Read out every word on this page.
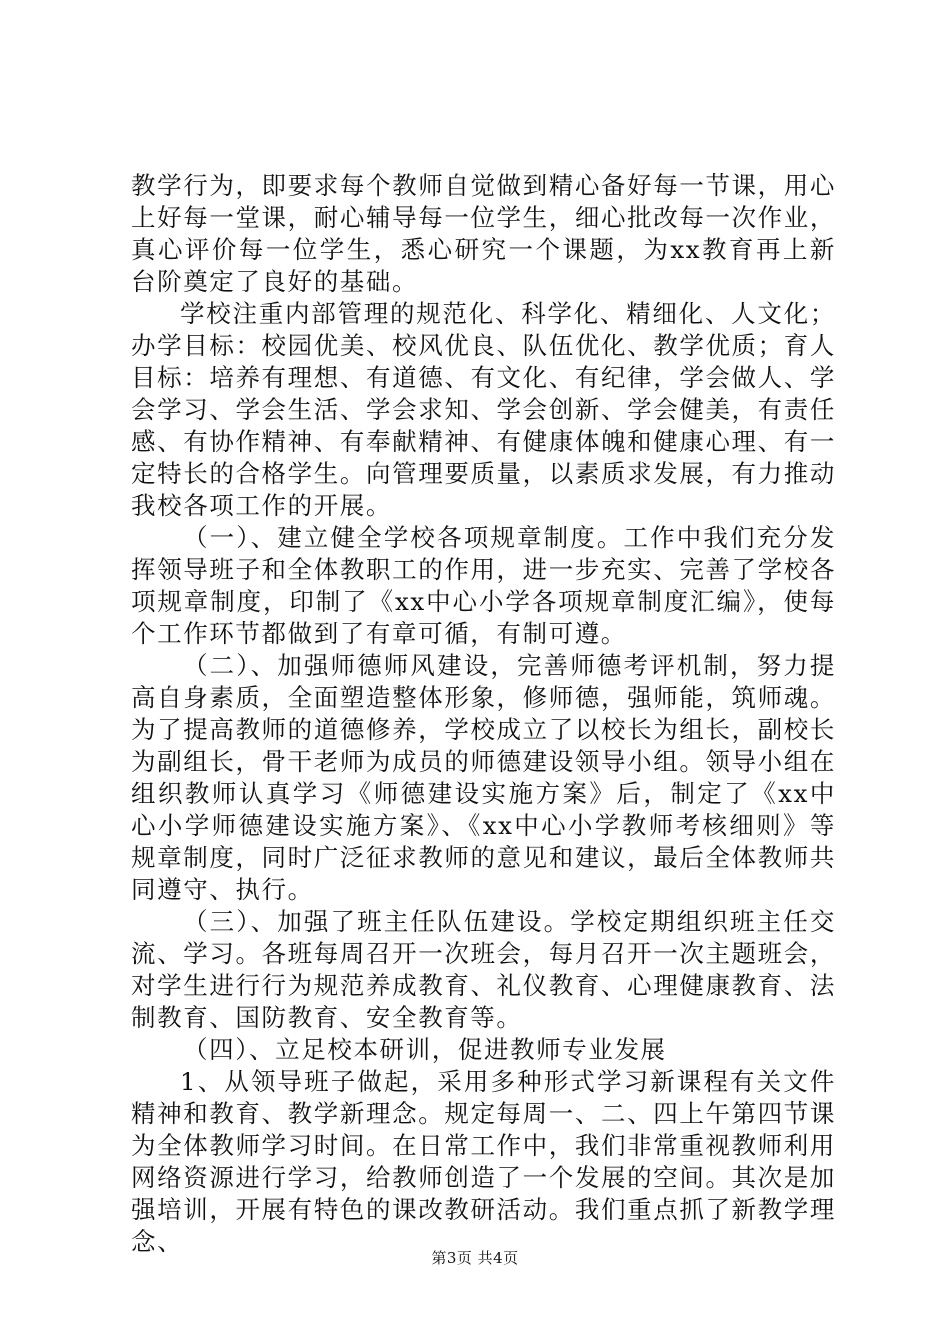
教学行为，即要求每个教师自觉做到精心备好每一节课，用心上好每一堂课，耐心辅导每一位学生，细心批改每一次作业，真心评价每一位学生，悉心研究一个课题，为xx教育再上新台阶奠定了良好的基础。

学校注重内部管理的规范化、科学化、精细化、人文化；办学目标：校园优美、校风优良、队伍优化、教学优质；育人目标：培养有理想、有道德、有文化、有纪律，学会做人、学会学习、学会生活、学会求知、学会创新、学会健美，有责任感、有协作精神、有奉献精神、有健康体魄和健康心理、有一定特长的合格学生。向管理要质量，以素质求发展，有力推动我校各项工作的开展。

（一）、建立健全学校各项规章制度。工作中我们充分发挥领导班子和全体教职工的作用，进一步充实、完善了学校各项规章制度，印制了《xx中心小学各项规章制度汇编》，使每个工作环节都做到了有章可循，有制可遵。

（二）、加强师德师风建设，完善师德考评机制，努力提高自身素质，全面塑造整体形象，修师德，强师能，筑师魂。为了提高教师的道德修养，学校成立了以校长为组长，副校长为副组长，骨干老师为成员的师德建设领导小组。领导小组在组织教师认真学习《师德建设实施方案》后，制定了《xx中心小学师德建设实施方案》、《xx中心小学教师考核细则》等规章制度，同时广泛征求教师的意见和建议，最后全体教师共同遵守、执行。

（三）、加强了班主任队伍建设。学校定期组织班主任交流、学习。各班每周召开一次班会，每月召开一次主题班会，对学生进行行为规范养成教育、礼仪教育、心理健康教育、法制教育、国防教育、安全教育等。

（四）、立足校本研训，促进教师专业发展

1、从领导班子做起，采用多种形式学习新课程有关文件精神和教育、教学新理念。规定每周一、二、四上午第四节课为全体教师学习时间。在日常工作中，我们非常重视教师利用网络资源进行学习，给教师创造了一个发展的空间。其次是加强培训，开展有特色的课改教研活动。我们重点抓了新教学理念、

第3页 共4页
